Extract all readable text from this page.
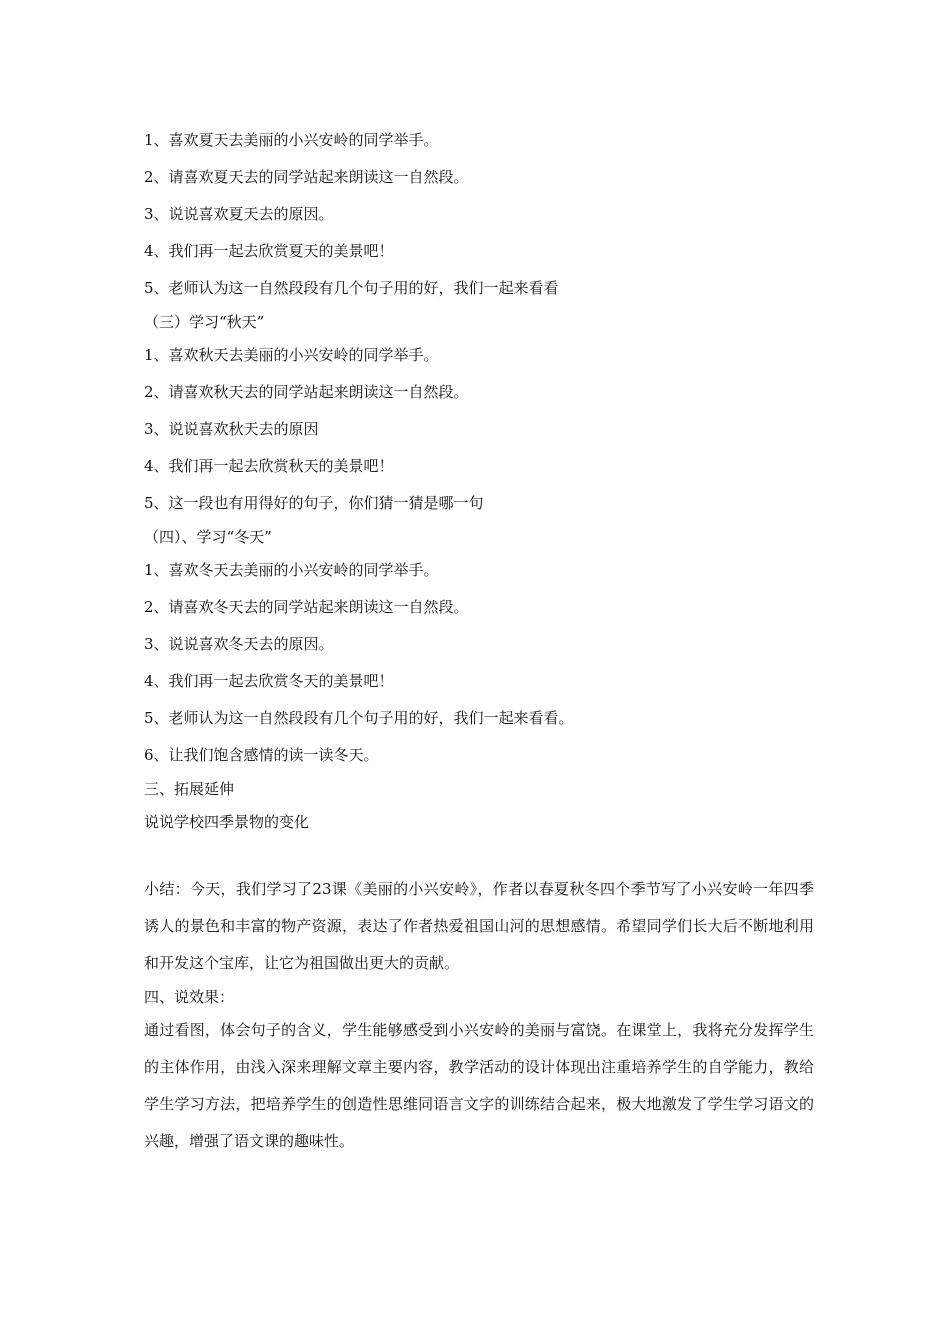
1、喜欢夏天去美丽的小兴安岭的同学举手。
2、请喜欢夏天去的同学站起来朗读这一自然段。
3、说说喜欢夏天去的原因。
4、我们再一起去欣赏夏天的美景吧！
5、老师认为这一自然段段有几个句子用的好，我们一起来看看
（三）学习“秋天”
1、喜欢秋天去美丽的小兴安岭的同学举手。
2、请喜欢秋天去的同学站起来朗读这一自然段。
3、说说喜欢秋天去的原因
4、我们再一起去欣赏秋天的美景吧！
5、这一段也有用得好的句子，你们猜一猜是哪一句
（四）、学习“冬天”
1、喜欢冬天去美丽的小兴安岭的同学举手。
2、请喜欢冬天去的同学站起来朗读这一自然段。
3、说说喜欢冬天去的原因。
4、我们再一起去欣赏冬天的美景吧！
5、老师认为这一自然段段有几个句子用的好，我们一起来看看。
6、让我们饱含感情的读一读冬天。
三、拓展延伸
说说学校四季景物的变化

小结：今天，我们学习了23课《美丽的小兴安岭》，作者以春夏秋冬四个季节写了小兴安岭一年四季诱人的景色和丰富的物产资源，表达了作者热爱祖国山河的思想感情。希望同学们长大后不断地利用和开发这个宝库，让它为祖国做出更大的贡献。

四、说效果：

通过看图，体会句子的含义，学生能够感受到小兴安岭的美丽与富饶。在课堂上，我将充分发挥学生的主体作用，由浅入深来理解文章主要内容，教学活动的设计体现出注重培养学生的自学能力，教给学生学习方法，把培养学生的创造性思维同语言文字的训练结合起来，极大地激发了学生学习语文的兴趣，增强了语文课的趣味性。
